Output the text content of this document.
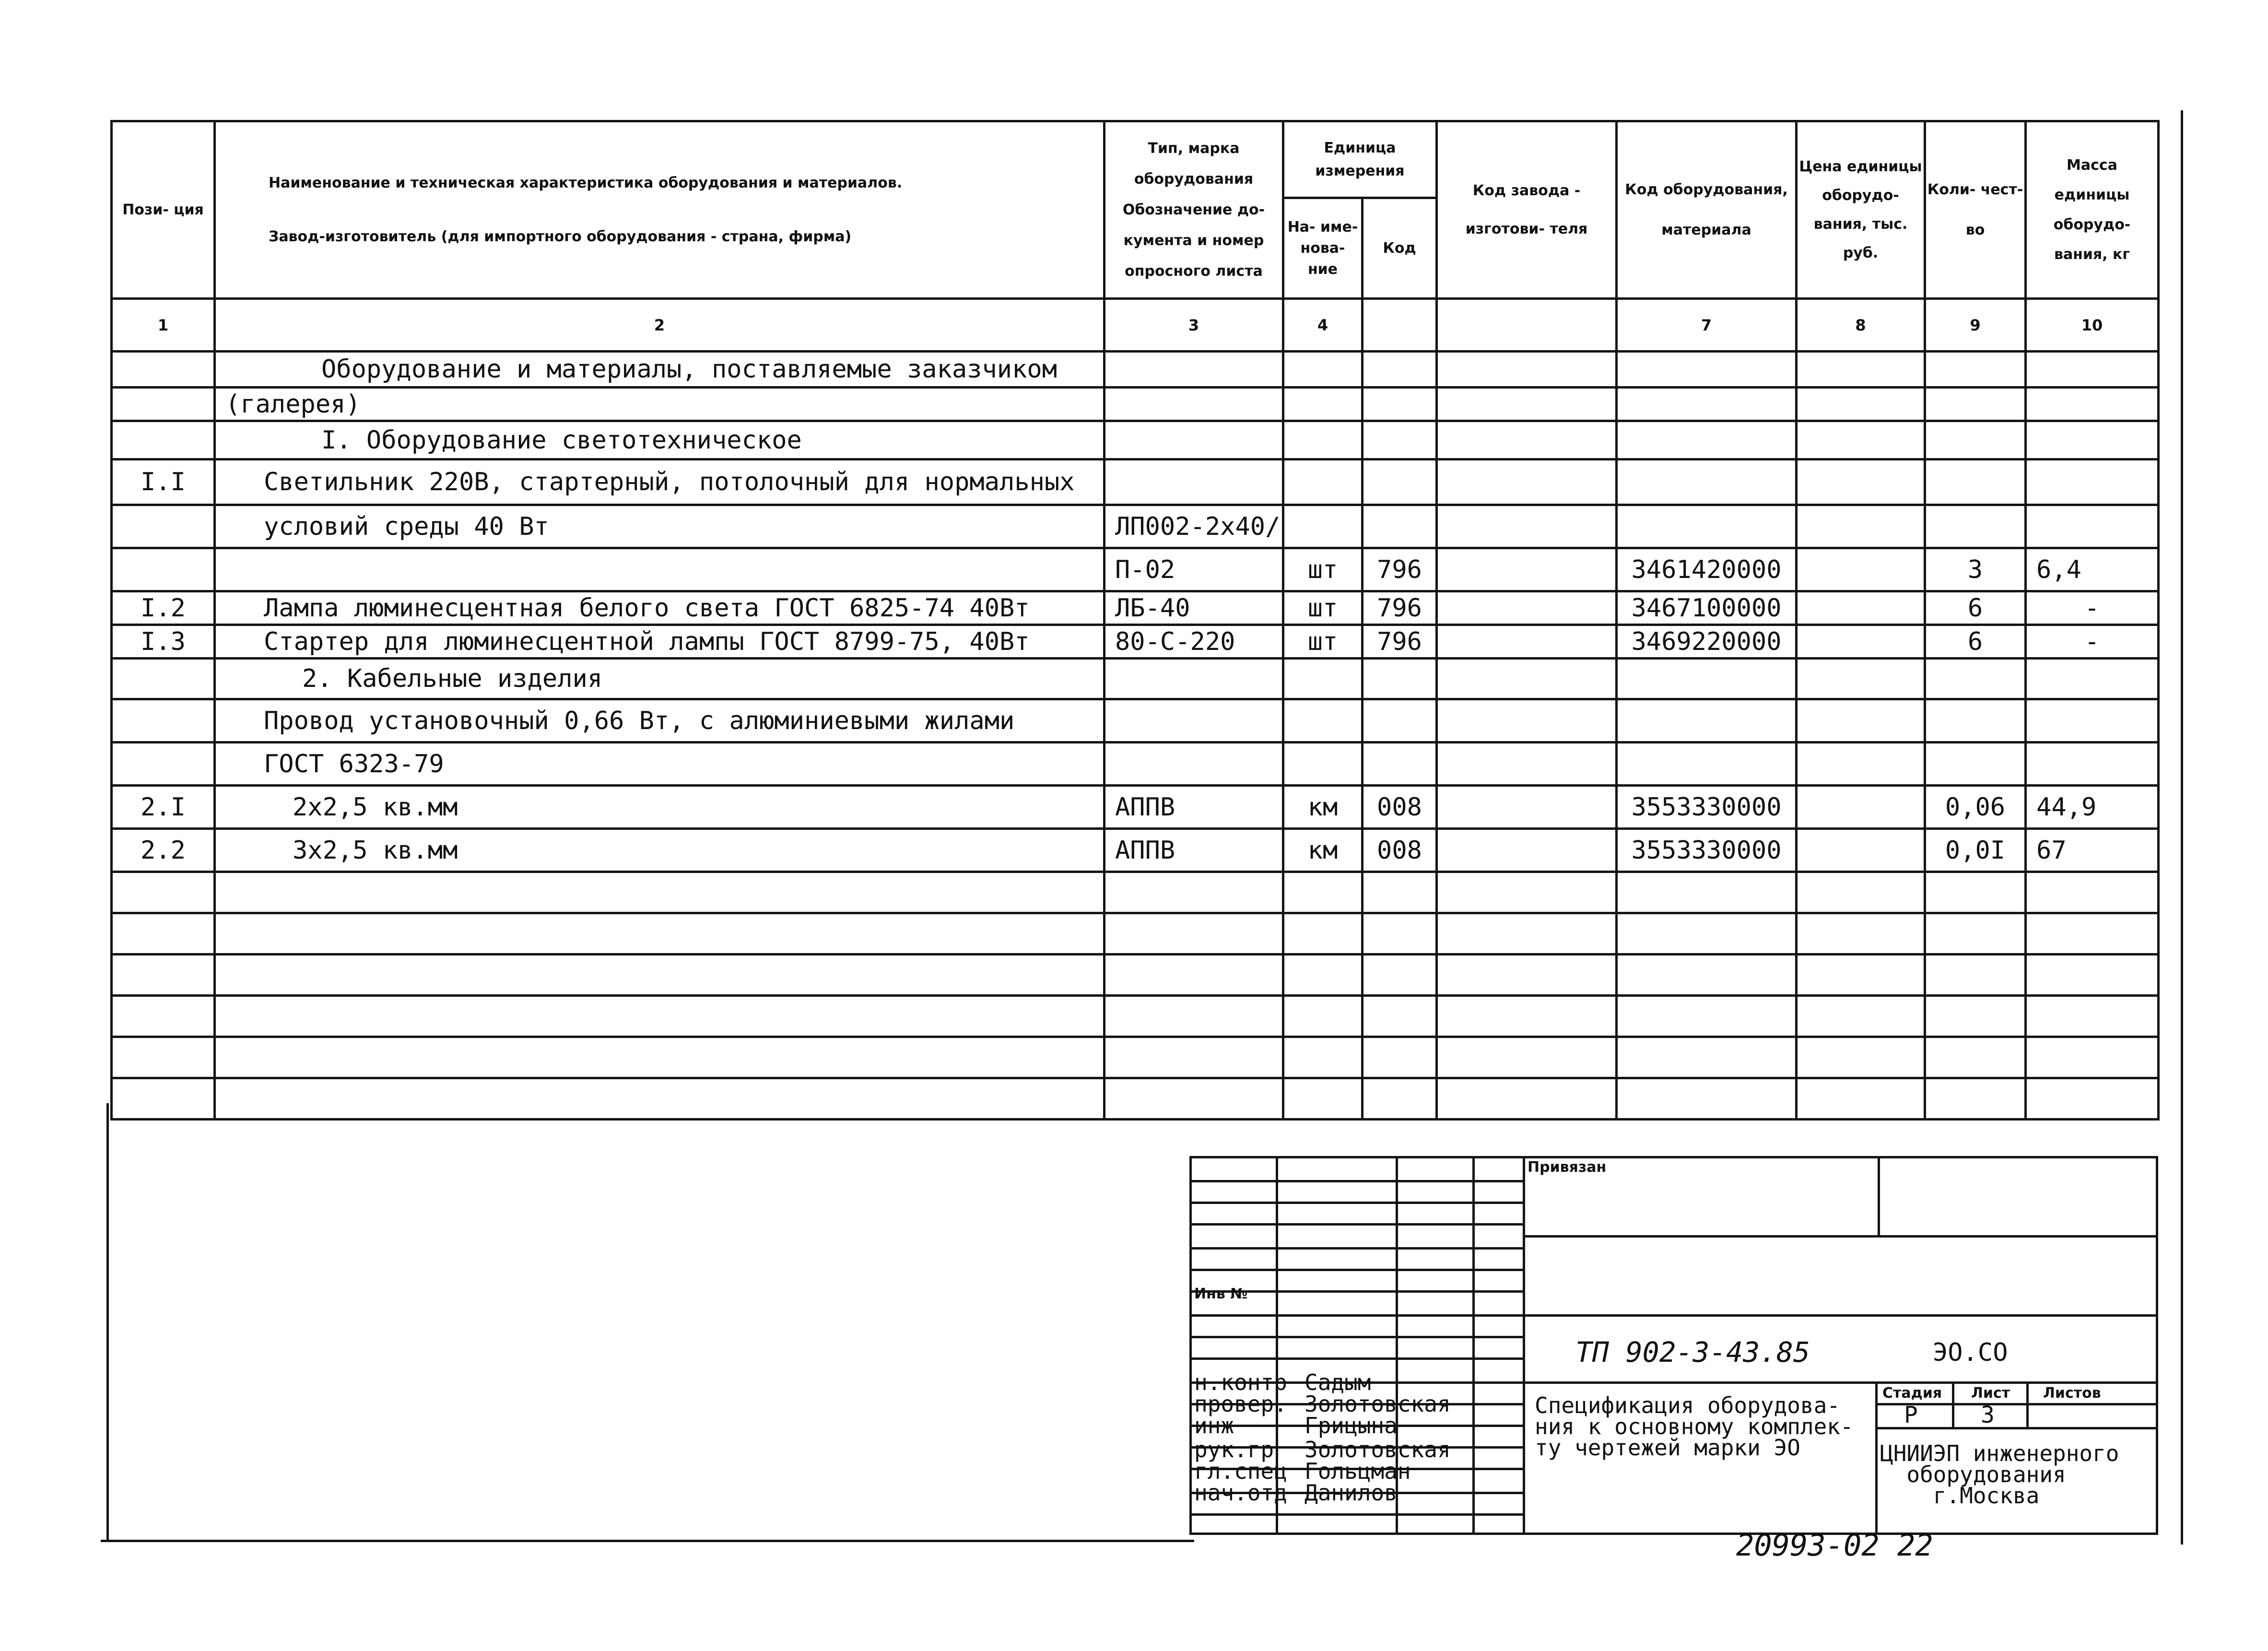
Пози- ция	Наименование и техническая характеристика оборудования и материалов.
Завод-изготовитель (для импортного оборудования - страна, фирма)	Тип, марка оборудования Обозначение до- кумента и номер опросного листа	Единица измерения		Код завода - изготови- теля	Код оборудования, материала	Цена единицы оборудо- вания, тыс. руб.	Коли- чест- во	Масса единицы оборудо- вания, кг
			На- име- нова- ние	Код					
1	2	3	4			7	8	9	10
	Оборудование и материалы, поставляемые заказчиком								
	(галерея)								
	I. Оборудование светотехническое								
I.I	Светильник 220В, стартерный, потолочный для нормальных								
	условий среды 40 Вт	ЛП002-2х40/							
		П-02	шт	796		3461420000		3	6,4
I.2	Лампа люминесцентная белого света ГОСТ 6825-74 40Вт	ЛБ-40	шт	796		3467100000		6	-
I.3	Стартер для люминесцентной лампы ГОСТ 8799-75, 40Вт	80-С-220	шт	796		3469220000		6	-
	2. Кабельные изделия								
	Провод установочный 0,66 Вт, с алюминиевыми жилами								
	ГОСТ 6323-79								
2.I	2х2,5 кв.мм	АППВ	км	008		3553330000		0,06	44,9
2.2	3х2,5 кв.мм	АППВ	км	008		3553330000		0,0I	67

Инв №
н.контр Садым
провер. Золотовская
инж	Грицына
рук.гр Золотовская
гл.спец Гольцман
нач.отд Данилов
Привязан
ТП 902-3-43.85	ЭО.СО
Спецификация оборудова-
ния к основному комплек-
ту чертежей марки ЭО
Стадия Лист Листов
Р	3
ЦНИИЭП инженерного
оборудования
г.Москва
20993-02 22
